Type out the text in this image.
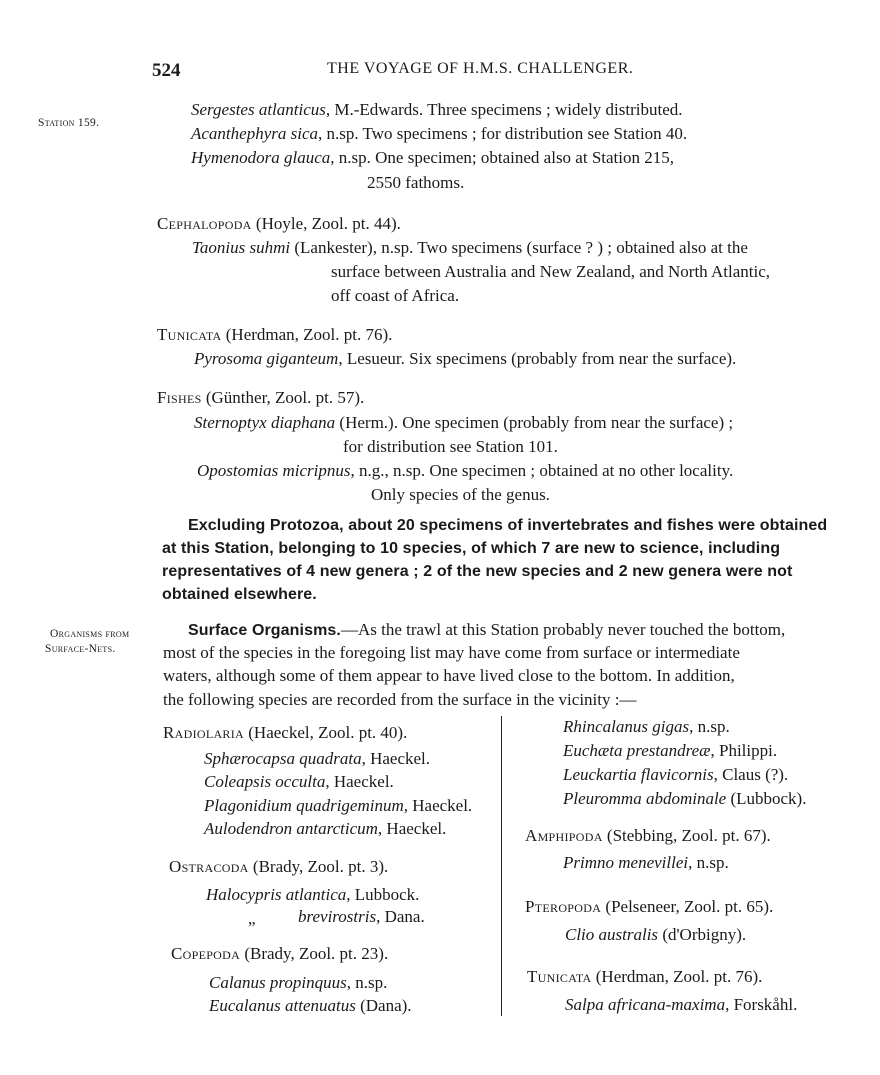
524	THE VOYAGE OF H.M.S. CHALLENGER.
Station 159.
Organisms from
Surface-Nets.
Sergestes atlanticus, M.-Edwards. Three specimens ; widely distributed.
Acanthephyra sica, n.sp. Two specimens ; for distribution see Station 40.
Hymenodora glauca, n.sp. One specimen; obtained also at Station 215,
2550 fathoms.
Cephalopoda (Hoyle, Zool. pt. 44).
Taonius suhmi (Lankester), n.sp. Two specimens (surface ? ) ; obtained also at the
surface between Australia and New Zealand, and North Atlantic,
off coast of Africa.
Tunicata (Herdman, Zool. pt. 76).
Pyrosoma giganteum, Lesueur. Six specimens (probably from near the surface).
Fishes (Günther, Zool. pt. 57).
Sternoptyx diaphana (Herm.). One specimen (probably from near the surface) ;
for distribution see Station 101.
Opostomias micripnus, n.g., n.sp. One specimen ; obtained at no other locality.
Only species of the genus.
Excluding Protozoa, about 20 specimens of invertebrates and fishes were obtained
at this Station, belonging to 10 species, of which 7 are new to science, including
representatives of 4 new genera ; 2 of the new species and 2 new genera were not
obtained elsewhere.
Surface Organisms.—As the trawl at this Station probably never touched the bottom,
most of the species in the foregoing list may have come from surface or intermediate
waters, although some of them appear to have lived close to the bottom. In addition,
the following species are recorded from the surface in the vicinity :—
Radiolaria (Haeckel, Zool. pt. 40).
Sphærocapsa quadrata, Haeckel.
Coleapsis occulta, Haeckel.
Plagonidium quadrigeminum, Haeckel.
Aulodendron antarcticum, Haeckel.
Ostracoda (Brady, Zool. pt. 3).
Halocypris atlantica, Lubbock.
„ brevirostris, Dana.
Copepoda (Brady, Zool. pt. 23).
Calanus propinquus, n.sp.
Eucalanus attenuatus (Dana).
Rhincalanus gigas, n.sp.
Euchæta prestandreæ, Philippi.
Leuckartia flavicornis, Claus (?).
Pleuromma abdominale (Lubbock).
Amphipoda (Stebbing, Zool. pt. 67).
Primno menevillei, n.sp.
Pteropoda (Pelseneer, Zool. pt. 65).
Clio australis (d'Orbigny).
Tunicata (Herdman, Zool. pt. 76).
Salpa africana-maxima, Forskåhl.
